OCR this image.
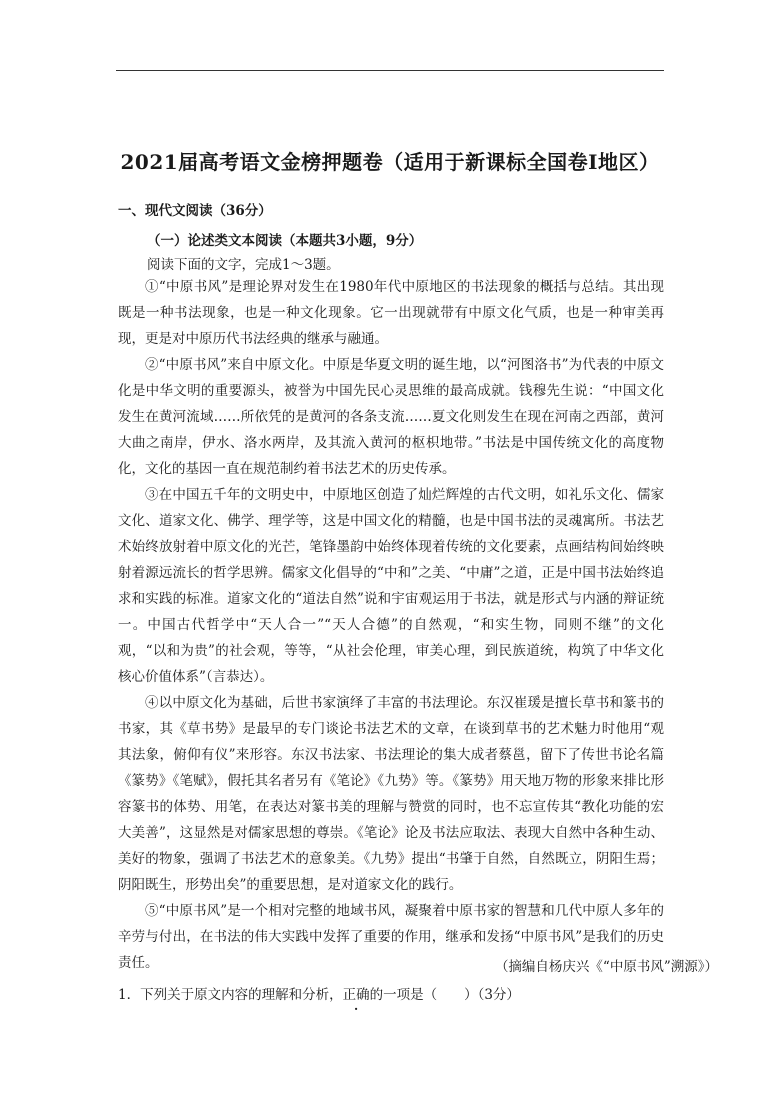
2021届高考语文金榜押题卷（适用于新课标全国卷Ⅰ地区）
一、现代文阅读（36分）
（一）论述类文本阅读（本题共3小题，9分）
阅读下面的文字，完成1～3题。

①“中原书风”是理论界对发生在1980年代中原地区的书法现象的概括与总结。其出现既是一种书法现象，也是一种文化现象。它一出现就带有中原文化气质，也是一种审美再现，更是对中原历代书法经典的继承与融通。

②“中原书风”来自中原文化。中原是华夏文明的诞生地，以“河图洛书”为代表的中原文化是中华文明的重要源头，被誉为中国先民心灵思维的最高成就。钱穆先生说：“中国文化发生在黄河流域……所依凭的是黄河的各条支流……夏文化则发生在现在河南之西部，黄河大曲之南岸，伊水、洛水两岸，及其流入黄河的枢枳地带。”书法是中国传统文化的高度物化，文化的基因一直在规范制约着书法艺术的历史传承。

③在中国五千年的文明史中，中原地区创造了灿烂辉煌的古代文明，如礼乐文化、儒家文化、道家文化、佛学、理学等，这是中国文化的精髓，也是中国书法的灵魂寓所。书法艺术始终放射着中原文化的光芒，笔锋墨韵中始终体现着传统的文化要素，点画结构间始终映射着源远流长的哲学思辨。儒家文化倡导的“中和”之美、“中庸”之道，正是中国书法始终追求和实践的标准。道家文化的“道法自然”说和宇宙观运用于书法，就是形式与内涵的辩证统一。中国古代哲学中“天人合一”“天人合德”的自然观，“和实生物，同则不继”的文化观，“以和为贵”的社会观，等等，“从社会伦理，审美心理，到民族道统，构筑了中华文化核心价值体系”（言恭达）。

④以中原文化为基础，后世书家演绎了丰富的书法理论。东汉崔瑗是擅长草书和篆书的书家，其《草书势》是最早的专门谈论书法艺术的文章，在谈到草书的艺术魅力时他用“观其法象，俯仰有仪”来形容。东汉书法家、书法理论的集大成者蔡邕，留下了传世书论名篇《篆势》《笔赋》，假托其名者另有《笔论》《九势》等。《篆势》用天地万物的形象来排比形容篆书的体势、用笔，在表达对篆书美的理解与赞赏的同时，也不忘宣传其“教化功能的宏大美善”，这显然是对儒家思想的尊崇。《笔论》论及书法应取法、表现大自然中各种生动、美好的物象，强调了书法艺术的意象美。《九势》提出“书肇于自然，自然既立，阴阳生焉；阴阳既生，形势出矣”的重要思想，是对道家文化的践行。

⑤“中原书风”是一个相对完整的地域书风，凝聚着中原书家的智慧和几代中原人多年的辛劳与付出，在书法的伟大实践中发挥了重要的作用，继承和发扬“中原书风”是我们的历史责任。	（摘编自杨庆兴《“中原书风”溯源》）
1．下列关于原文内容的理解和分析，正确的一项是（　　）（3分）
